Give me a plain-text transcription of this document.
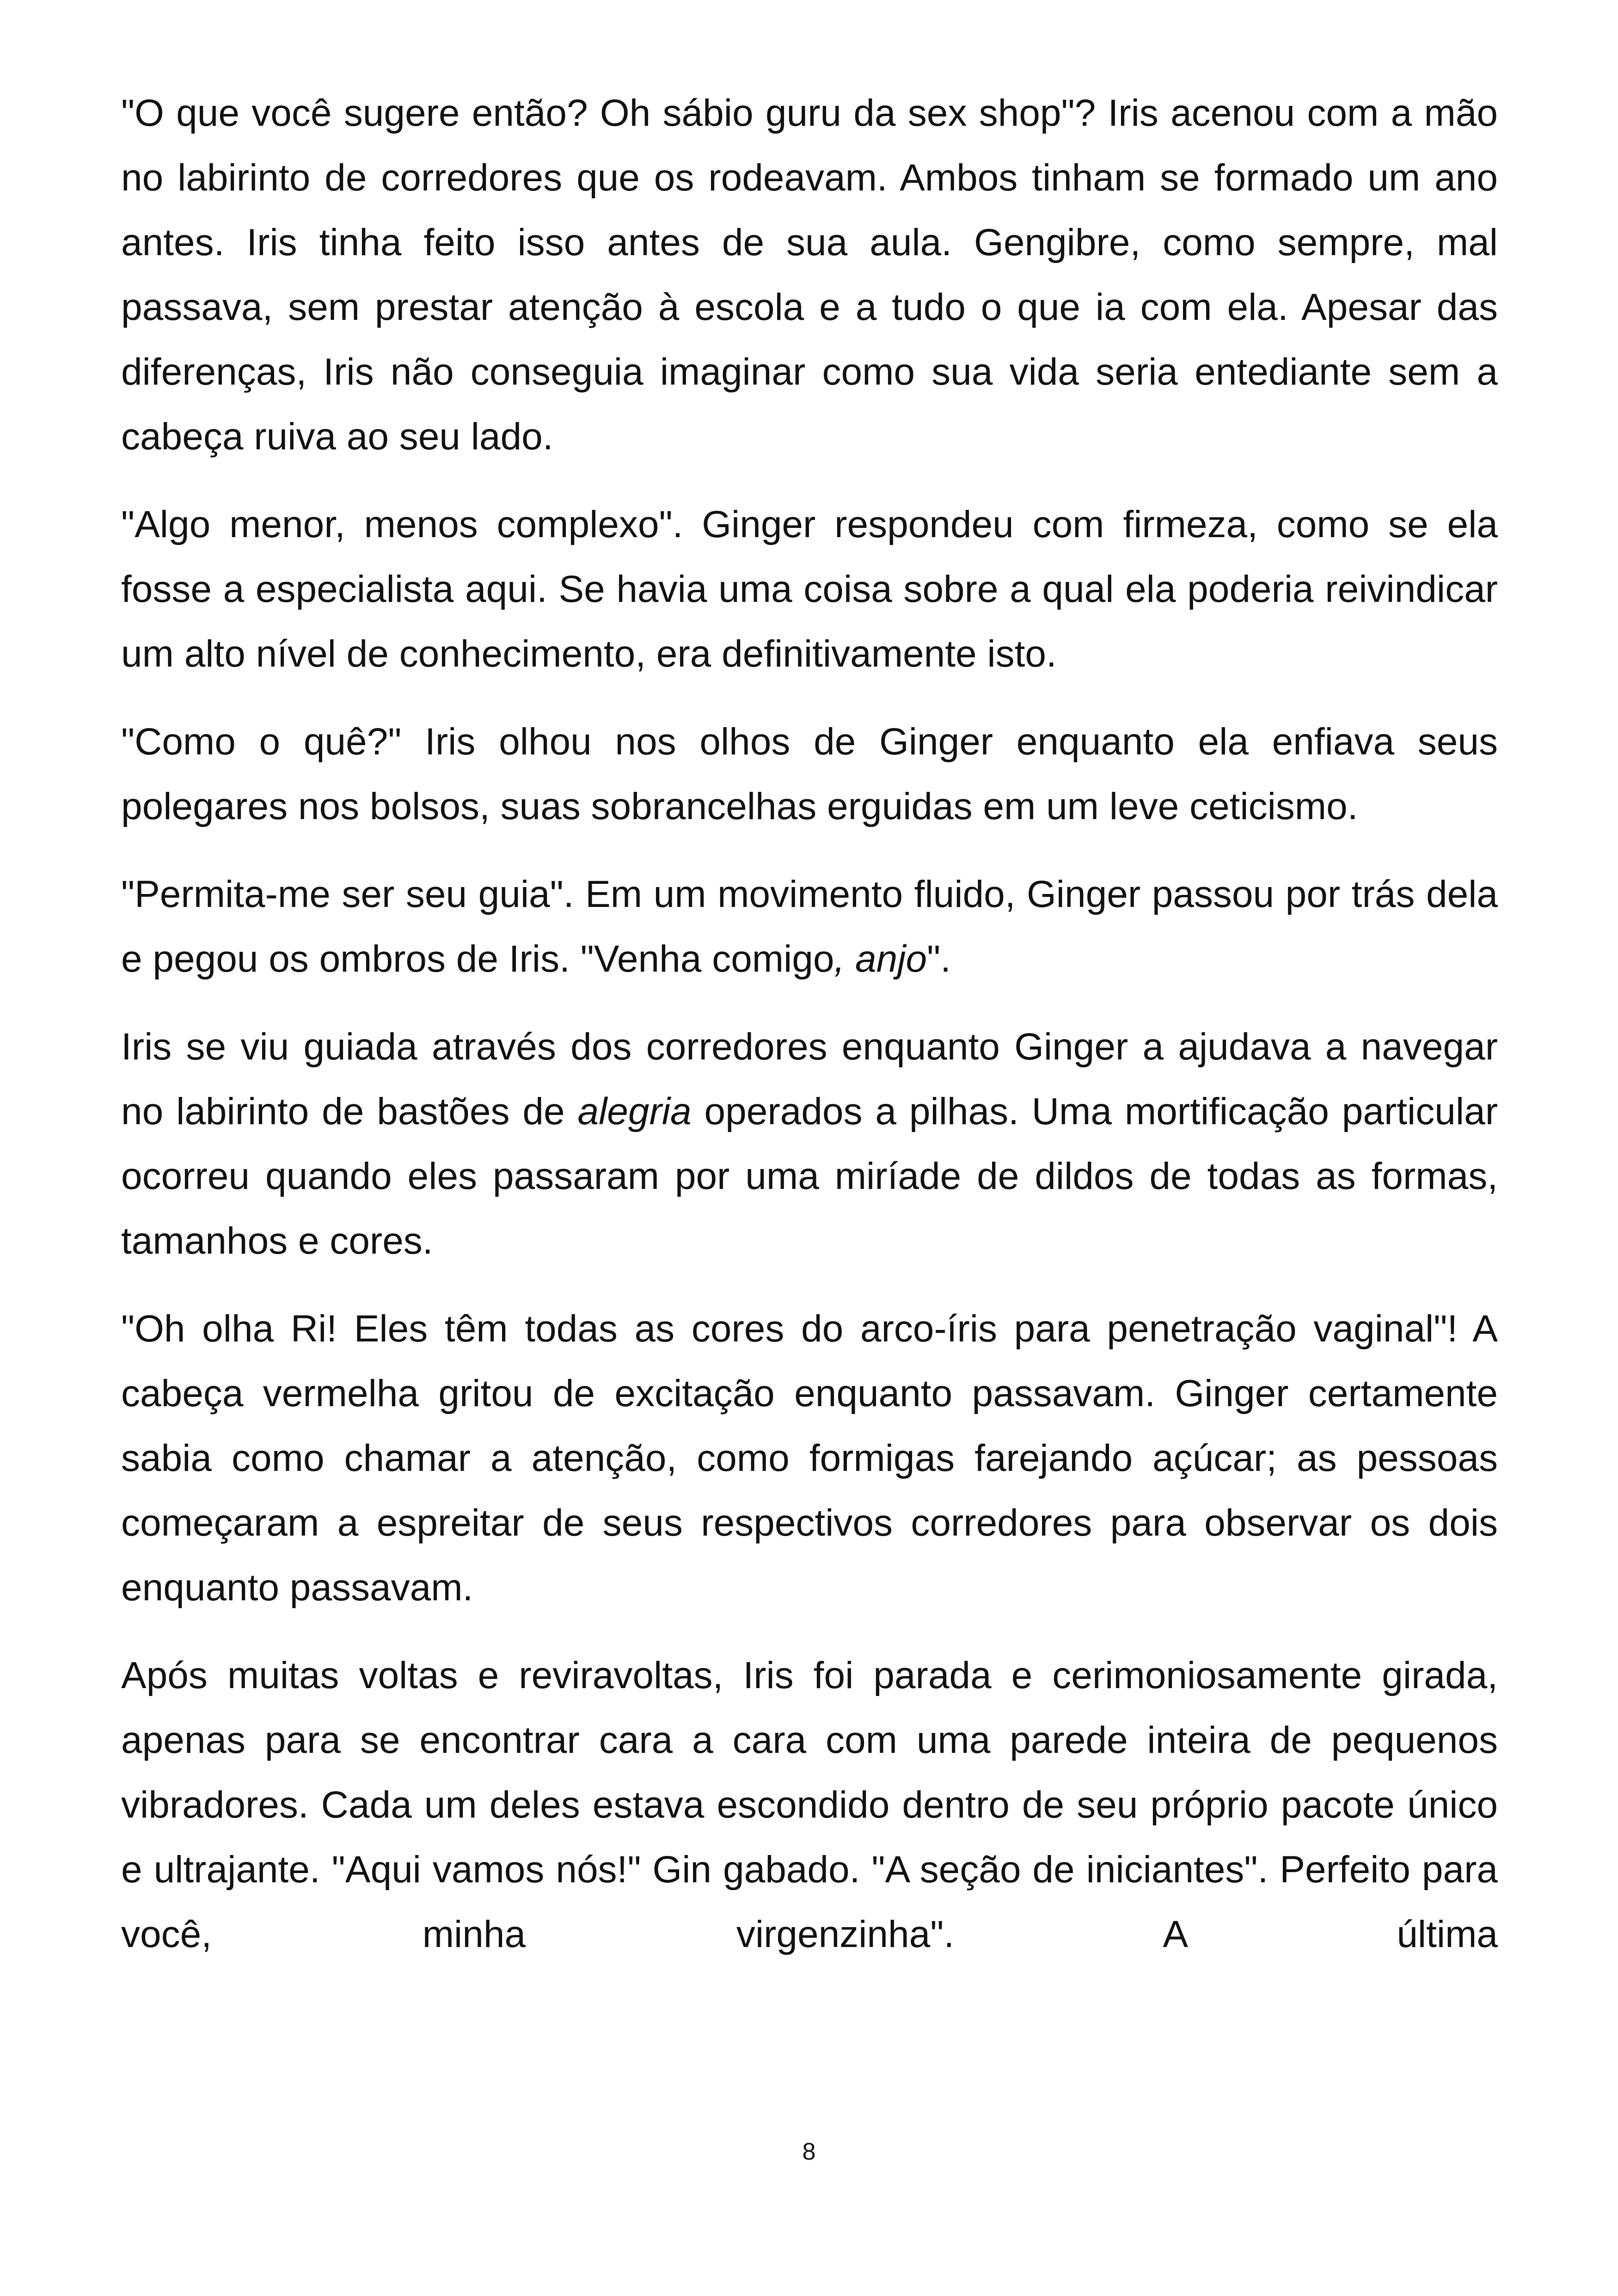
"O que você sugere então? Oh sábio guru da sex shop"? Iris acenou com a mão no labirinto de corredores que os rodeavam. Ambos tinham se formado um ano antes. Iris tinha feito isso antes de sua aula. Gengibre, como sempre, mal passava, sem prestar atenção à escola e a tudo o que ia com ela. Apesar das diferenças, Iris não conseguia imaginar como sua vida seria entediante sem a cabeça ruiva ao seu lado.

"Algo menor, menos complexo". Ginger respondeu com firmeza, como se ela fosse a especialista aqui. Se havia uma coisa sobre a qual ela poderia reivindicar um alto nível de conhecimento, era definitivamente isto.

"Como o quê?" Iris olhou nos olhos de Ginger enquanto ela enfiava seus polegares nos bolsos, suas sobrancelhas erguidas em um leve ceticismo.

"Permita-me ser seu guia". Em um movimento fluido, Ginger passou por trás dela e pegou os ombros de Iris. "Venha comigo, anjo".

Iris se viu guiada através dos corredores enquanto Ginger a ajudava a navegar no labirinto de bastões de alegria operados a pilhas. Uma mortificação particular ocorreu quando eles passaram por uma miríade de dildos de todas as formas, tamanhos e cores.

"Oh olha Ri! Eles têm todas as cores do arco-íris para penetração vaginal"! A cabeça vermelha gritou de excitação enquanto passavam. Ginger certamente sabia como chamar a atenção, como formigas farejando açúcar; as pessoas começaram a espreitar de seus respectivos corredores para observar os dois enquanto passavam.

Após muitas voltas e reviravoltas, Iris foi parada e cerimoniosamente girada, apenas para se encontrar cara a cara com uma parede inteira de pequenos vibradores. Cada um deles estava escondido dentro de seu próprio pacote único e ultrajante. "Aqui vamos nós!" Gin gabado. "A seção de iniciantes". Perfeito para você, minha virgenzinha". A última

8
